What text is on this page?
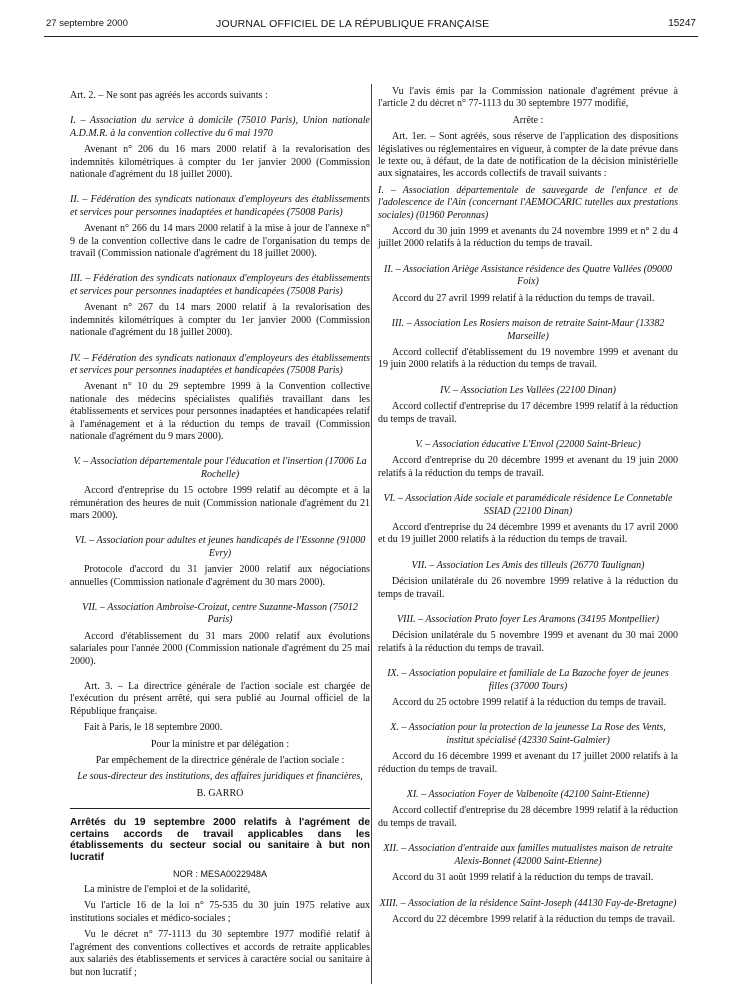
27 septembre 2000	JOURNAL OFFICIEL DE LA RÉPUBLIQUE FRANÇAISE	15247

Art. 2. – Ne sont pas agréés les accords suivants :

I. – Association du service à domicile (75010 Paris), Union nationale A.D.M.R. à la convention collective du 6 mai 1970

Avenant n° 206 du 16 mars 2000 relatif à la revalorisation des indemnités kilométriques à compter du 1er janvier 2000 (Commission nationale d'agrément du 18 juillet 2000).

II. – Fédération des syndicats nationaux d'employeurs des établissements et services pour personnes inadaptées et handicapées (75008 Paris)

Avenant n° 266 du 14 mars 2000 relatif à la mise à jour de l'annexe n° 9 de la convention collective dans le cadre de l'organisation du temps de travail (Commission nationale d'agrément du 18 juillet 2000).

III. – Fédération des syndicats nationaux d'employeurs des établissements et services pour personnes inadaptées et handicapées (75008 Paris)

Avenant n° 267 du 14 mars 2000 relatif à la revalorisation des indemnités kilométriques à compter du 1er janvier 2000 (Commission nationale d'agrément du 18 juillet 2000).

IV. – Fédération des syndicats nationaux d'employeurs des établissements et services pour personnes inadaptées et handicapées (75008 Paris)

Avenant n° 10 du 29 septembre 1999 à la Convention collective nationale des médecins spécialistes qualifiés travaillant dans les établissements et services pour personnes inadaptées et handicapées relatif à l'aménagement et à la réduction du temps de travail (Commission nationale d'agrément du 9 mars 2000).

V. – Association départementale pour l'éducation et l'insertion (17006 La Rochelle)

Accord d'entreprise du 15 octobre 1999 relatif au décompte et à la rémunération des heures de nuit (Commission nationale d'agrément du 21 mars 2000).

VI. – Association pour adultes et jeunes handicapés de l'Essonne (91000 Evry)

Protocole d'accord du 31 janvier 2000 relatif aux négociations annuelles (Commission nationale d'agrément du 30 mars 2000).

VII. – Association Ambroise-Croizat, centre Suzanne-Masson (75012 Paris)

Accord d'établissement du 31 mars 2000 relatif aux évolutions salariales pour l'année 2000 (Commission nationale d'agrément du 25 mai 2000).

Art. 3. – La directrice générale de l'action sociale est chargée de l'exécution du présent arrêté, qui sera publié au Journal officiel de la République française.

Fait à Paris, le 18 septembre 2000.

Pour la ministre et par délégation :

Par empêchement de la directrice générale de l'action sociale :

Le sous-directeur des institutions, des affaires juridiques et financières,

B. GARRO

Arrêtés du 19 septembre 2000 relatifs à l'agrément de certains accords de travail applicables dans les établissements du secteur social ou sanitaire à but non lucratif

NOR : MESA0022948A

La ministre de l'emploi et de la solidarité,

Vu l'article 16 de la loi n° 75-535 du 30 juin 1975 relative aux institutions sociales et médico-sociales ;

Vu le décret n° 77-1113 du 30 septembre 1977 modifié relatif à l'agrément des conventions collectives et accords de retraite applicables aux salariés des établissements et services à caractère social ou sanitaire à but non lucratif ;

Vu l'avis émis par la Commission nationale d'agrément prévue à l'article 2 du décret n° 77-1113 du 30 septembre 1977 modifié,

Arrête :

Art. 1er. – Sont agréés, sous réserve de l'application des dispositions législatives ou réglementaires en vigueur, à compter de la date prévue dans le texte ou, à défaut, de la date de notification de la décision ministérielle aux signataires, les accords collectifs de travail suivants :

I. – Association départementale de sauvegarde de l'enfance et de l'adolescence de l'Ain (concernant l'AEMOCARIC tutelles aux prestations sociales) (01960 Peronnas)

Accord du 30 juin 1999 et avenants du 24 novembre 1999 et n° 2 du 4 juillet 2000 relatifs à la réduction du temps de travail.

II. – Association Ariège Assistance résidence des Quatre Vallées (09000 Foix)

Accord du 27 avril 1999 relatif à la réduction du temps de travail.

III. – Association Les Rosiers maison de retraite Saint-Maur (13382 Marseille)

Accord collectif d'établissement du 19 novembre 1999 et avenant du 19 juin 2000 relatifs à la réduction du temps de travail.

IV. – Association Les Vallées (22100 Dinan)

Accord collectif d'entreprise du 17 décembre 1999 relatif à la réduction du temps de travail.

V. – Association éducative L'Envol (22000 Saint-Brieuc)

Accord d'entreprise du 20 décembre 1999 et avenant du 19 juin 2000 relatifs à la réduction du temps de travail.

VI. – Association Aide sociale et paramédicale résidence Le Connetable SSIAD (22100 Dinan)

Accord d'entreprise du 24 décembre 1999 et avenants du 17 avril 2000 et du 19 juillet 2000 relatifs à la réduction du temps de travail.

VII. – Association Les Amis des tilleuls (26770 Taulignan)

Décision unilatérale du 26 novembre 1999 relative à la réduction du temps de travail.

VIII. – Association Prato foyer Les Aramons (34195 Montpellier)

Décision unilatérale du 5 novembre 1999 et avenant du 30 mai 2000 relatifs à la réduction du temps de travail.

IX. – Association populaire et familiale de La Bazoche foyer de jeunes filles (37000 Tours)

Accord du 25 octobre 1999 relatif à la réduction du temps de travail.

X. – Association pour la protection de la jeunesse La Rose des Vents, institut spécialisé (42330 Saint-Galmier)

Accord du 16 décembre 1999 et avenant du 17 juillet 2000 relatifs à la réduction du temps de travail.

XI. – Association Foyer de Valbenoîte (42100 Saint-Etienne)

Accord collectif d'entreprise du 28 décembre 1999 relatif à la réduction du temps de travail.

XII. – Association d'entraide aux familles mutualistes maison de retraite Alexis-Bonnet (42000 Saint-Etienne)

Accord du 31 août 1999 relatif à la réduction du temps de travail.

XIII. – Association de la résidence Saint-Joseph (44130 Fay-de-Bretagne)

Accord du 22 décembre 1999 relatif à la réduction du temps de travail.
